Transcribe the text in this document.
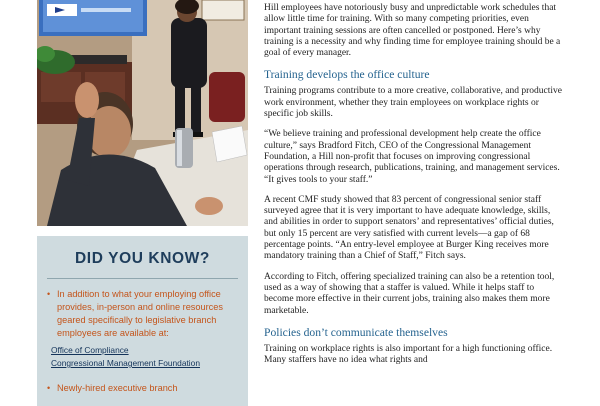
DID YOU KNOW?
• In addition to what your employing office provides, in-person and online resources geared specifically to legislative branch employees are available at:
Office of Compliance
Congressional Management Foundation
• Newly-hired executive branch

Hill employees have notoriously busy and unpredictable work schedules that allow little time for training. With so many competing priorities, even important training sessions are often cancelled or postponed. Here’s why training is a necessity and why finding time for employee training should be a goal of every manager.

Training develops the office culture

Training programs contribute to a more creative, collaborative, and productive work environment, whether they train employees on workplace rights or specific job skills.

“We believe training and professional development help create the office culture,” says Bradford Fitch, CEO of the Congressional Management Foundation, a Hill non-profit that focuses on improving congressional operations through research, publications, training, and management services. “It gives tools to your staff.”

A recent CMF study showed that 83 percent of congressional senior staff surveyed agree that it is very important to have adequate knowledge, skills, and abilities in order to support senators’ and representatives’ official duties, but only 15 percent are very satisfied with current levels—a gap of 68 percentage points. “An entry-level employee at Burger King receives more mandatory training than a Chief of Staff,” Fitch says.

According to Fitch, offering specialized training can also be a retention tool, used as a way of showing that a staffer is valued. While it helps staff to become more effective in their current jobs, training also makes them more marketable.

Policies don’t communicate themselves

Training on workplace rights is also important for a high functioning office. Many staffers have no idea what rights and
